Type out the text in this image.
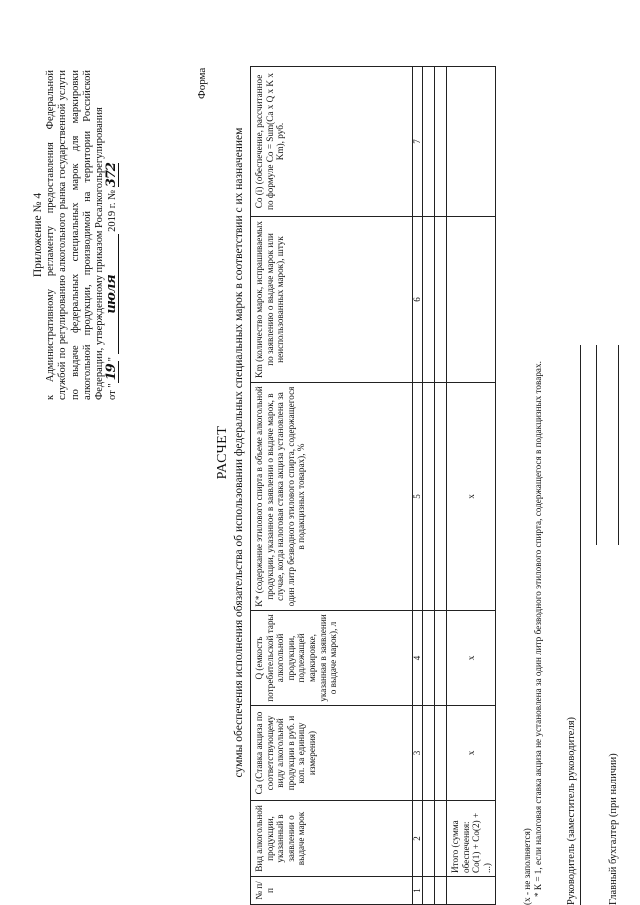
Приложение № 4 к Административному регламенту предоставления Федеральной службой по регулированию алкогольного рынка государственной услуги по выдаче федеральных специальных марок для маркировки алкогольной продукции, производимой на территории Российской Федерации, утвержденному приказом Росалкогольрегулирования от "19" июля 2019 г. № 372
Форма
РАСЧЕТ суммы обеспечения исполнения обязательства об использовании федеральных специальных марок в соответствии с их назначением
№ п/п	Вид алкогольной продукции, указанный в заявлении о выдаче марок	Са (Ставка акциза по соответствующему виду алкогольной продукции в руб. и коп. за единицу измерения)	Q (емкость потребительской тары алкогольной продукции, подлежащей маркировке, указанная в заявлении о выдаче марок), л	K* (содержание этилового спирта в объеме алкогольной продукции, указанное в заявлении о выдаче марок, в случае, когда налоговая ставка акциза установлена за один литр безводного этилового спирта, содержащегося в подакцизных товарах), %	Km (количество марок, испрашиваемых по заявлению о выдаче марок или неиспользованных марок), штук	Co (i) (обеспечение, рассчитанное по формуле Co = Sum(Ca x Q x K x Km), руб.
1	2	3	4	5	6	7

	Итого (сумма обеспечения: Со(1) + Со(2) + ...)	х	х	х		
(х - не заполняется) * К = 1, если налоговая ставка акциза не установлена за один литр безводного этилового спирта, содержащегося в подакцизных товарах. Руководитель (заместитель руководителя)	Главный бухгалтер (при наличии)
